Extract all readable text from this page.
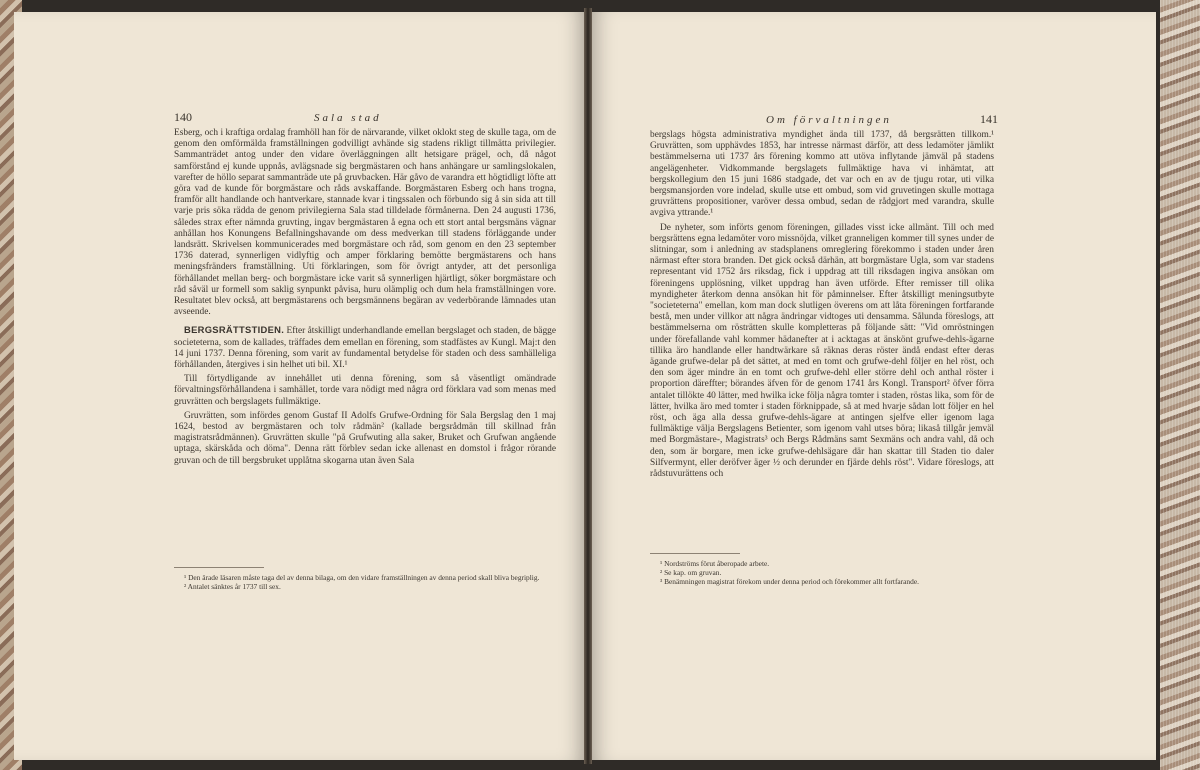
140	Sala stad

Esberg, och i kraftiga ordalag framhöll han för de närvarande, vilket oklokt steg de skulle taga, om de genom den omförmälda framställningen godvilligt avhände sig stadens rikligt tillmätta privilegier. Sammanträdet antog under den vidare överläggningen allt hetsigare prägel, och, då något samförstånd ej kunde uppnås, avlägsnade sig bergmästaren och hans anhängare ur samlingslokalen, varefter de höllo separat sammanträde ute på gruvbacken. Här gåvo de varandra ett högtidligt löfte att göra vad de kunde för borgmästare och råds avskaffande. Borgmästaren Esberg och hans trogna, framför allt handlande och hantverkare, stannade kvar i tingssalen och förbundo sig å sin sida att till varje pris söka rädda de genom privilegierna Sala stad tilldelade förmånerna. Den 24 augusti 1736, således strax efter nämnda gruvting, ingav bergmästaren å egna och ett stort antal bergsmäns vägnar anhållan hos Konungens Befallningshavande om dess medverkan till stadens förläggande under landsrätt. Skrivelsen kommunicerades med borgmästare och råd, som genom en den 23 september 1736 daterad, synnerligen vidlyftig och amper förklaring bemötte bergmästarens och hans meningsfränders framställning. Uti förklaringen, som för övrigt antyder, att det personliga förhållandet mellan berg- och borgmästare icke varit så synnerligen hjärtligt, söker borgmästare och råd såväl ur formell som saklig synpunkt påvisa, huru olämplig och dum hela framställningen vore. Resultatet blev också, att bergmästarens och bergsmännens begäran av vederbörande lämnades utan avseende.

BERGSRÄTTSTIDEN. Efter åtskilligt underhandlande emellan bergslaget och staden, de bägge societeterna, som de kallades, träffades dem emellan en förening, som stadfästes av Kungl. Maj:t den 14 juni 1737. Denna förening, som varit av fundamental betydelse för staden och dess samhälleliga förhållanden, återgives i sin helhet uti bil. XI.¹

Till förtydligande av innehållet uti denna förening, som så väsentligt omändrade förvaltningsförhållandena i samhället, torde vara nödigt med några ord förklara vad som menas med gruvrätten och bergslagets fullmäktige.

Gruvrätten, som infördes genom Gustaf II Adolfs Grufwe-Ordning för Sala Bergslag den 1 maj 1624, bestod av bergmästaren och tolv rådmän² (kallade bergsrådmän till skillnad från magistratsrådmännen). Gruvrätten skulle "på Grufwuting alla saker, Bruket och Grufwan angående uptaga, skärskåda och döma". Denna rätt förblev sedan icke allenast en domstol i frågor rörande gruvan och de till bergsbruket upplåtna skogarna utan även Sala

¹ Den ärade läsaren måste taga del av denna bilaga, om den vidare framställningen av denna period skall bliva begriplig.
² Antalet sänktes år 1737 till sex.
Om förvaltningen	141

bergslags högsta administrativa myndighet ända till 1737, då bergsrätten tillkom.¹ Gruvrätten, som upphävdes 1853, har intresse närmast därför, att dess ledamöter jämlikt bestämmelserna uti 1737 års förening kommo att utöva inflytande jämväl på stadens angelägenheter. Vidkommande bergslagets fullmäktige hava vi inhämtat, att bergskollegium den 15 juni 1686 stadgade, det var och en av de tjugu rotar, uti vilka bergsmansjorden vore indelad, skulle utse ett ombud, som vid gruvetingen skulle mottaga gruvrättens propositioner, varöver dessa ombud, sedan de rådgjort med varandra, skulle avgiva yttrande.¹

De nyheter, som införts genom föreningen, gillades visst icke allmänt. Till och med bergsrättens egna ledamöter voro missnöjda, vilket granneligen kommer till synes under de slitningar, som i anledning av stadsplanens omreglering förekommo i staden under åren närmast efter stora branden. Det gick också därhän, att borgmästare Ugla, som var stadens representant vid 1752 års riksdag, fick i uppdrag att till riksdagen ingiva ansökan om föreningens upplösning, vilket uppdrag han även utförde. Efter remisser till olika myndigheter återkom denna ansökan hit för påminnelser. Efter åtskilligt meningsutbyte "societeterna" emellan, kom man dock slutligen överens om att låta föreningen fortfarande bestå, men under villkor att några ändringar vidtoges uti densamma. Sålunda föreslogs, att bestämmelserna om rösträtten skulle kompletteras på följande sätt: "Vid omröstningen under förefallande vahl kommer hädanefter at i acktagas at änskönt grufwe-dehls-ägarne tillika äro handlande eller handtwärkare så räknas deras röster ändå endast efter deras ägande grufwe-delar på det sättet, at med en tomt och grufwe-dehl följer en hel röst, och den som äger mindre än en tomt och grufwe-dehl eller större dehl och anthal röster i proportion däreffter; börandes äfven för de genom 1741 års Kongl. Transport² öfver förra antalet tillökte 40 lätter, med hwilka icke följa några tomter i staden, röstas lika, som för de lätter, hvilka äro med tomter i staden förknippade, så at med hvarje sådan lott följer en hel röst, och äga alla dessa grufwe-dehls-ägare at antingen sjelfve eller igenom laga fullmäktige välja Bergslagens Betienter, som igenom vahl utses böra; likaså tillgår jemväl med Borgmästare-, Magistrats³ och Bergs Rådmäns samt Sexmäns och andra vahl, då och den, som är borgare, men icke grufwe-dehlsägare där han skattar till Staden tio daler Silfvermynt, eller deröfver äger ½ och derunder en fjärde dehls röst". Vidare föreslogs, att rådstuvurättens och

¹ Nordströms förut åberopade arbete.
² Se kap. om gruvan.
³ Benämningen magistrat förekom under denna period och förekommer allt fortfarande.
